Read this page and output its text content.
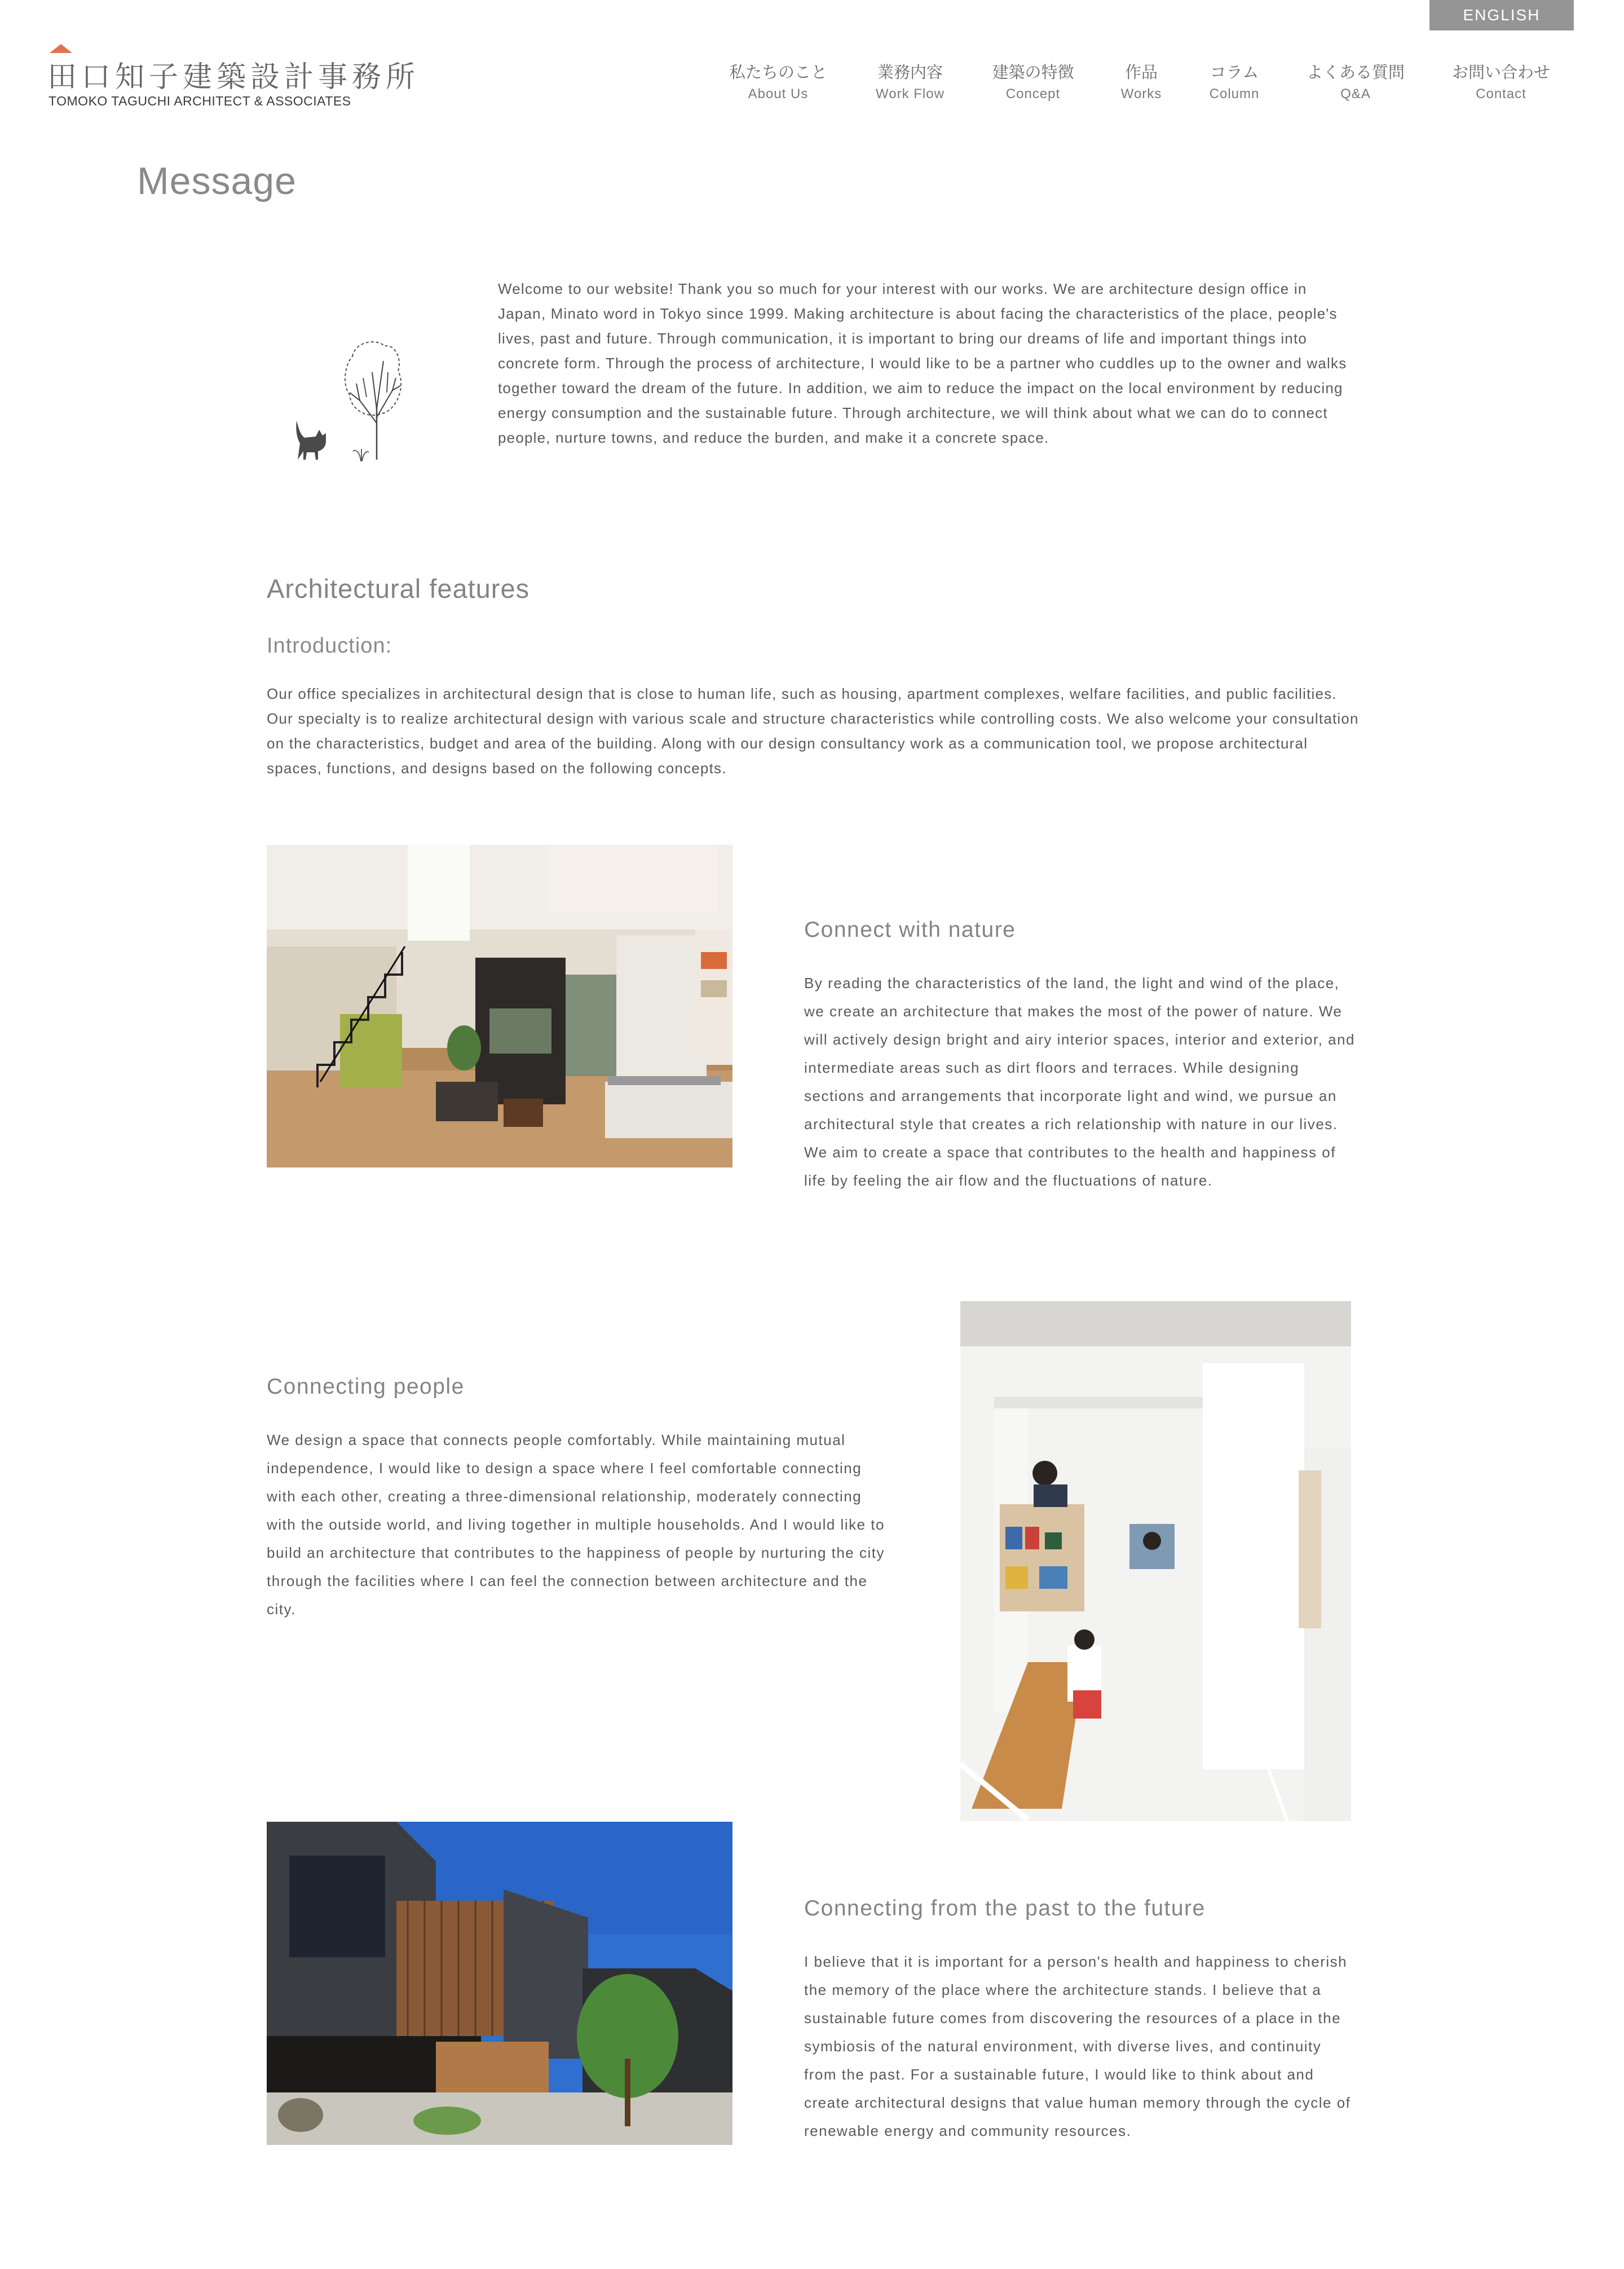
ENGLISH
田口知子建築設計事務所
TOMOKO TAGUCHI ARCHITECT & ASSOCIATES
私たちのこと
About Us
業務内容
Work Flow
建築の特徴
Concept
作品
Works
コラム
Column
よくある質問
Q&A
お問い合わせ
Contact
Message

Welcome to our website! Thank you so much for your interest with our works. We are architecture design office in Japan, Minato word in Tokyo since 1999. Making architecture is about facing the characteristics of the place, people's lives, past and future. Through communication, it is important to bring our dreams of life and important things into concrete form. Through the process of architecture, I would like to be a partner who cuddles up to the owner and walks together toward the dream of the future. In addition, we aim to reduce the impact on the local environment by reducing energy consumption and the sustainable future. Through architecture, we will think about what we can do to connect people, nurture towns, and reduce the burden, and make it a concrete space.

Architectural features
Introduction:

Our office specializes in architectural design that is close to human life, such as housing, apartment complexes, welfare facilities, and public facilities. Our specialty is to realize architectural design with various scale and structure characteristics while controlling costs. We also welcome your consultation on the characteristics, budget and area of the building. Along with our design consultancy work as a communication tool, we propose architectural spaces, functions, and designs based on the following concepts.

Connect with nature

By reading the characteristics of the land, the light and wind of the place, we create an architecture that makes the most of the power of nature. We will actively design bright and airy interior spaces, interior and exterior, and intermediate areas such as dirt floors and terraces. While designing sections and arrangements that incorporate light and wind, we pursue an architectural style that creates a rich relationship with nature in our lives. We aim to create a space that contributes to the health and happiness of life by feeling the air flow and the fluctuations of nature.

Connecting people

We design a space that connects people comfortably. While maintaining mutual independence, I would like to design a space where I feel comfortable connecting with each other, creating a three-dimensional relationship, moderately connecting with the outside world, and living together in multiple households. And I would like to build an architecture that contributes to the happiness of people by nurturing the city through the facilities where I can feel the connection between architecture and the city.

Connecting from the past to the future

I believe that it is important for a person's health and happiness to cherish the memory of the place where the architecture stands. I believe that a sustainable future comes from discovering the resources of a place in the symbiosis of the natural environment, with diverse lives, and continuity from the past. For a sustainable future, I would like to think about and create architectural designs that value human memory through the cycle of renewable energy and community resources.
